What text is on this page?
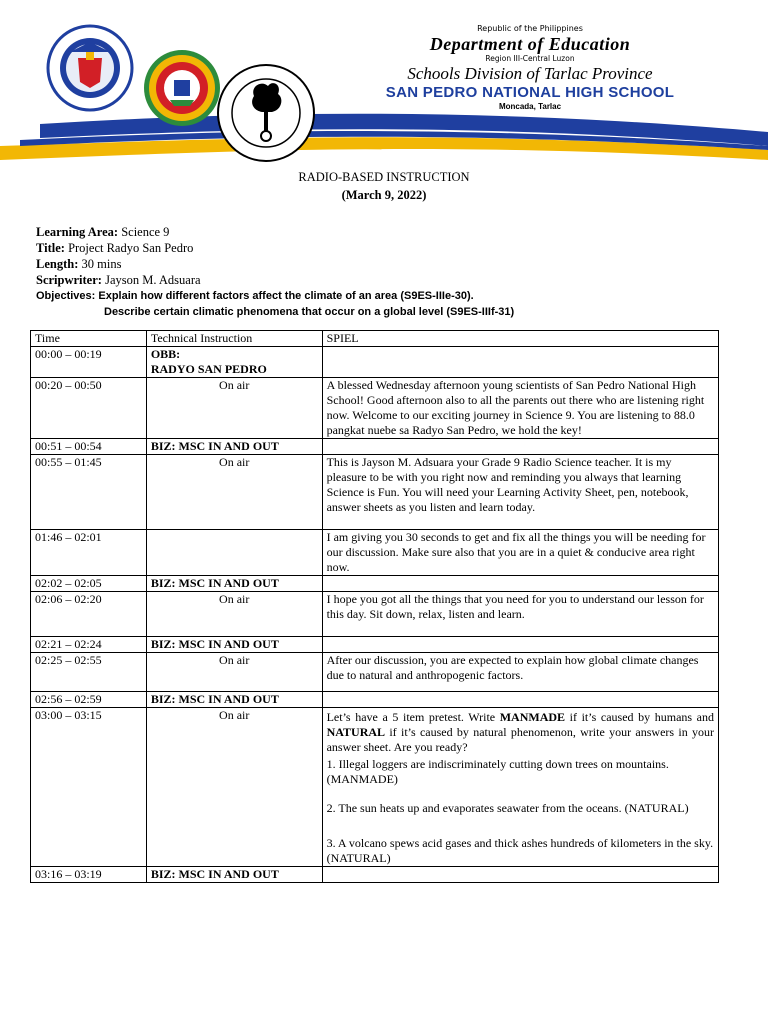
Republic of the Philippines
Department of Education
Region III-Central Luzon
Schools Division of Tarlac Province
SAN PEDRO NATIONAL HIGH SCHOOL
Moncada, Tarlac
RADIO-BASED INSTRUCTION
(March 9, 2022)
Learning Area: Science 9
Title: Project Radyo San Pedro
Length: 30 mins
Scripwriter: Jayson M. Adsuara
Objectives: Explain how different factors affect the climate of an area (S9ES-IIIe-30).
Describe certain climatic phenomena that occur on a global level (S9ES-IIIf-31)
Time	Technical Instruction	SPIEL
00:00 – 00:19	OBB:
RADYO SAN PEDRO	
00:20 – 00:50	On air	A blessed Wednesday afternoon young scientists of San Pedro National High School! Good afternoon also to all the parents out there who are listening right now. Welcome to our exciting journey in Science 9. You are listening to 88.0 pangkat nuebe sa Radyo San Pedro, we hold the key!
00:51 – 00:54	BIZ: MSC IN AND OUT	
00:55 – 01:45	On air	This is Jayson M. Adsuara your Grade 9 Radio Science teacher. It is my pleasure to be with you right now and reminding you always that learning Science is Fun. You will need your Learning Activity Sheet, pen, notebook, answer sheets as you listen and learn today.
01:46 – 02:01		I am giving you 30 seconds to get and fix all the things you will be needing for our discussion. Make sure also that you are in a quiet & conducive area right now.
02:02 – 02:05	BIZ: MSC IN AND OUT	
02:06 – 02:20	On air	I hope you got all the things that you need for you to understand our lesson for this day. Sit down, relax, listen and learn.
02:21 – 02:24	BIZ: MSC IN AND OUT	
02:25 – 02:55	On air	After our discussion, you are expected to explain how global climate changes due to natural and anthropogenic factors.
02:56 – 02:59	BIZ: MSC IN AND OUT	
03:00 – 03:15	On air	Let’s have a 5 item pretest. Write MANMADE if it’s caused by humans and NATURAL if it’s caused by natural phenomenon, write your answers in your answer sheet. Are you ready?
1. Illegal loggers are indiscriminately cutting down trees on mountains.(MANMADE)
2. The sun heats up and evaporates seawater from the oceans. (NATURAL)
3. A volcano spews acid gases and thick ashes hundreds of kilometers in the sky. (NATURAL)

03:16 – 03:19	BIZ: MSC IN AND OUT	
